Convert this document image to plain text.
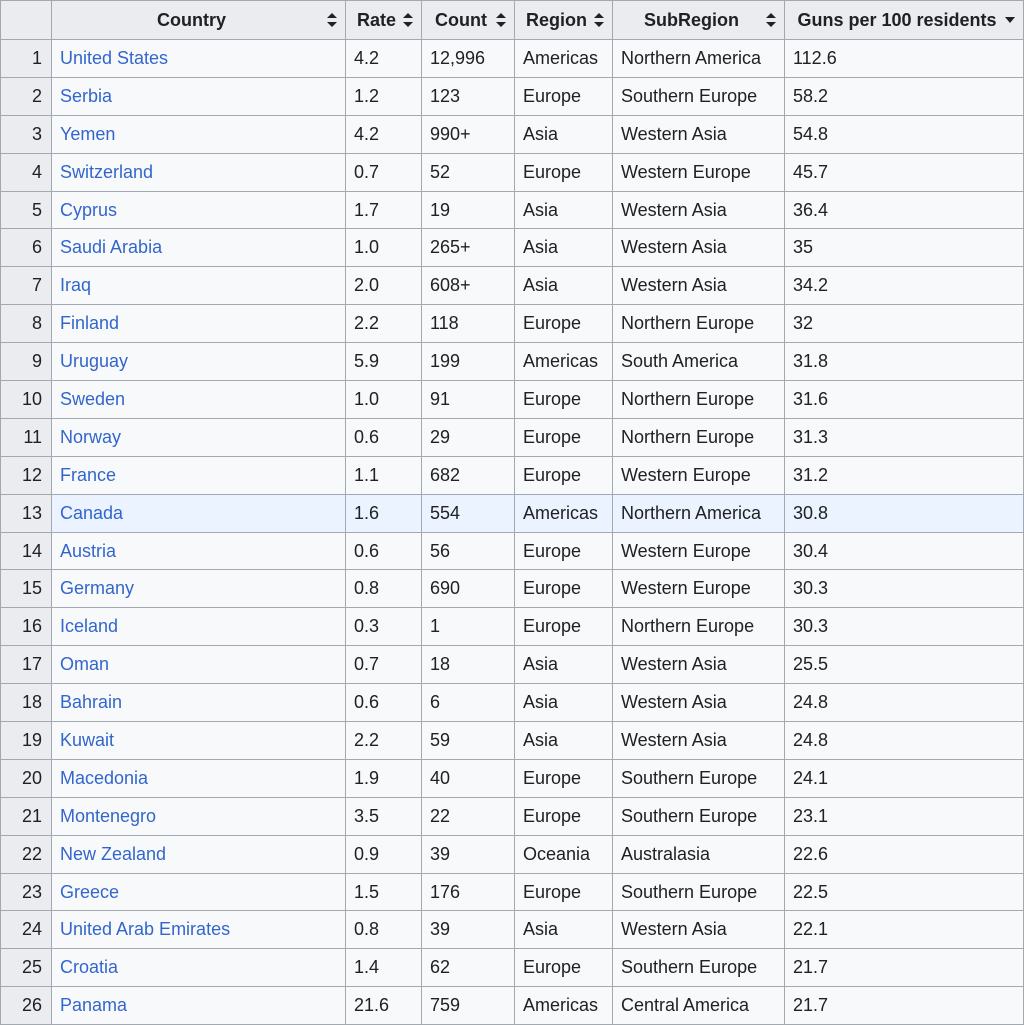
	Country	Rate	Count	Region	SubRegion	Guns per 100 residents

1	United States	4.2	12,996	Americas	Northern America	112.6
2	Serbia	1.2	123	Europe	Southern Europe	58.2
3	Yemen	4.2	990+	Asia	Western Asia	54.8
4	Switzerland	0.7	52	Europe	Western Europe	45.7
5	Cyprus	1.7	19	Asia	Western Asia	36.4
6	Saudi Arabia	1.0	265+	Asia	Western Asia	35
7	Iraq	2.0	608+	Asia	Western Asia	34.2
8	Finland	2.2	118	Europe	Northern Europe	32
9	Uruguay	5.9	199	Americas	South America	31.8
10	Sweden	1.0	91	Europe	Northern Europe	31.6
11	Norway	0.6	29	Europe	Northern Europe	31.3
12	France	1.1	682	Europe	Western Europe	31.2
13	Canada	1.6	554	Americas	Northern America	30.8
14	Austria	0.6	56	Europe	Western Europe	30.4
15	Germany	0.8	690	Europe	Western Europe	30.3
16	Iceland	0.3	1	Europe	Northern Europe	30.3
17	Oman	0.7	18	Asia	Western Asia	25.5
18	Bahrain	0.6	6	Asia	Western Asia	24.8
19	Kuwait	2.2	59	Asia	Western Asia	24.8
20	Macedonia	1.9	40	Europe	Southern Europe	24.1
21	Montenegro	3.5	22	Europe	Southern Europe	23.1
22	New Zealand	0.9	39	Oceania	Australasia	22.6
23	Greece	1.5	176	Europe	Southern Europe	22.5
24	United Arab Emirates	0.8	39	Asia	Western Asia	22.1
25	Croatia	1.4	62	Europe	Southern Europe	21.7
26	Panama	21.6	759	Americas	Central America	21.7
